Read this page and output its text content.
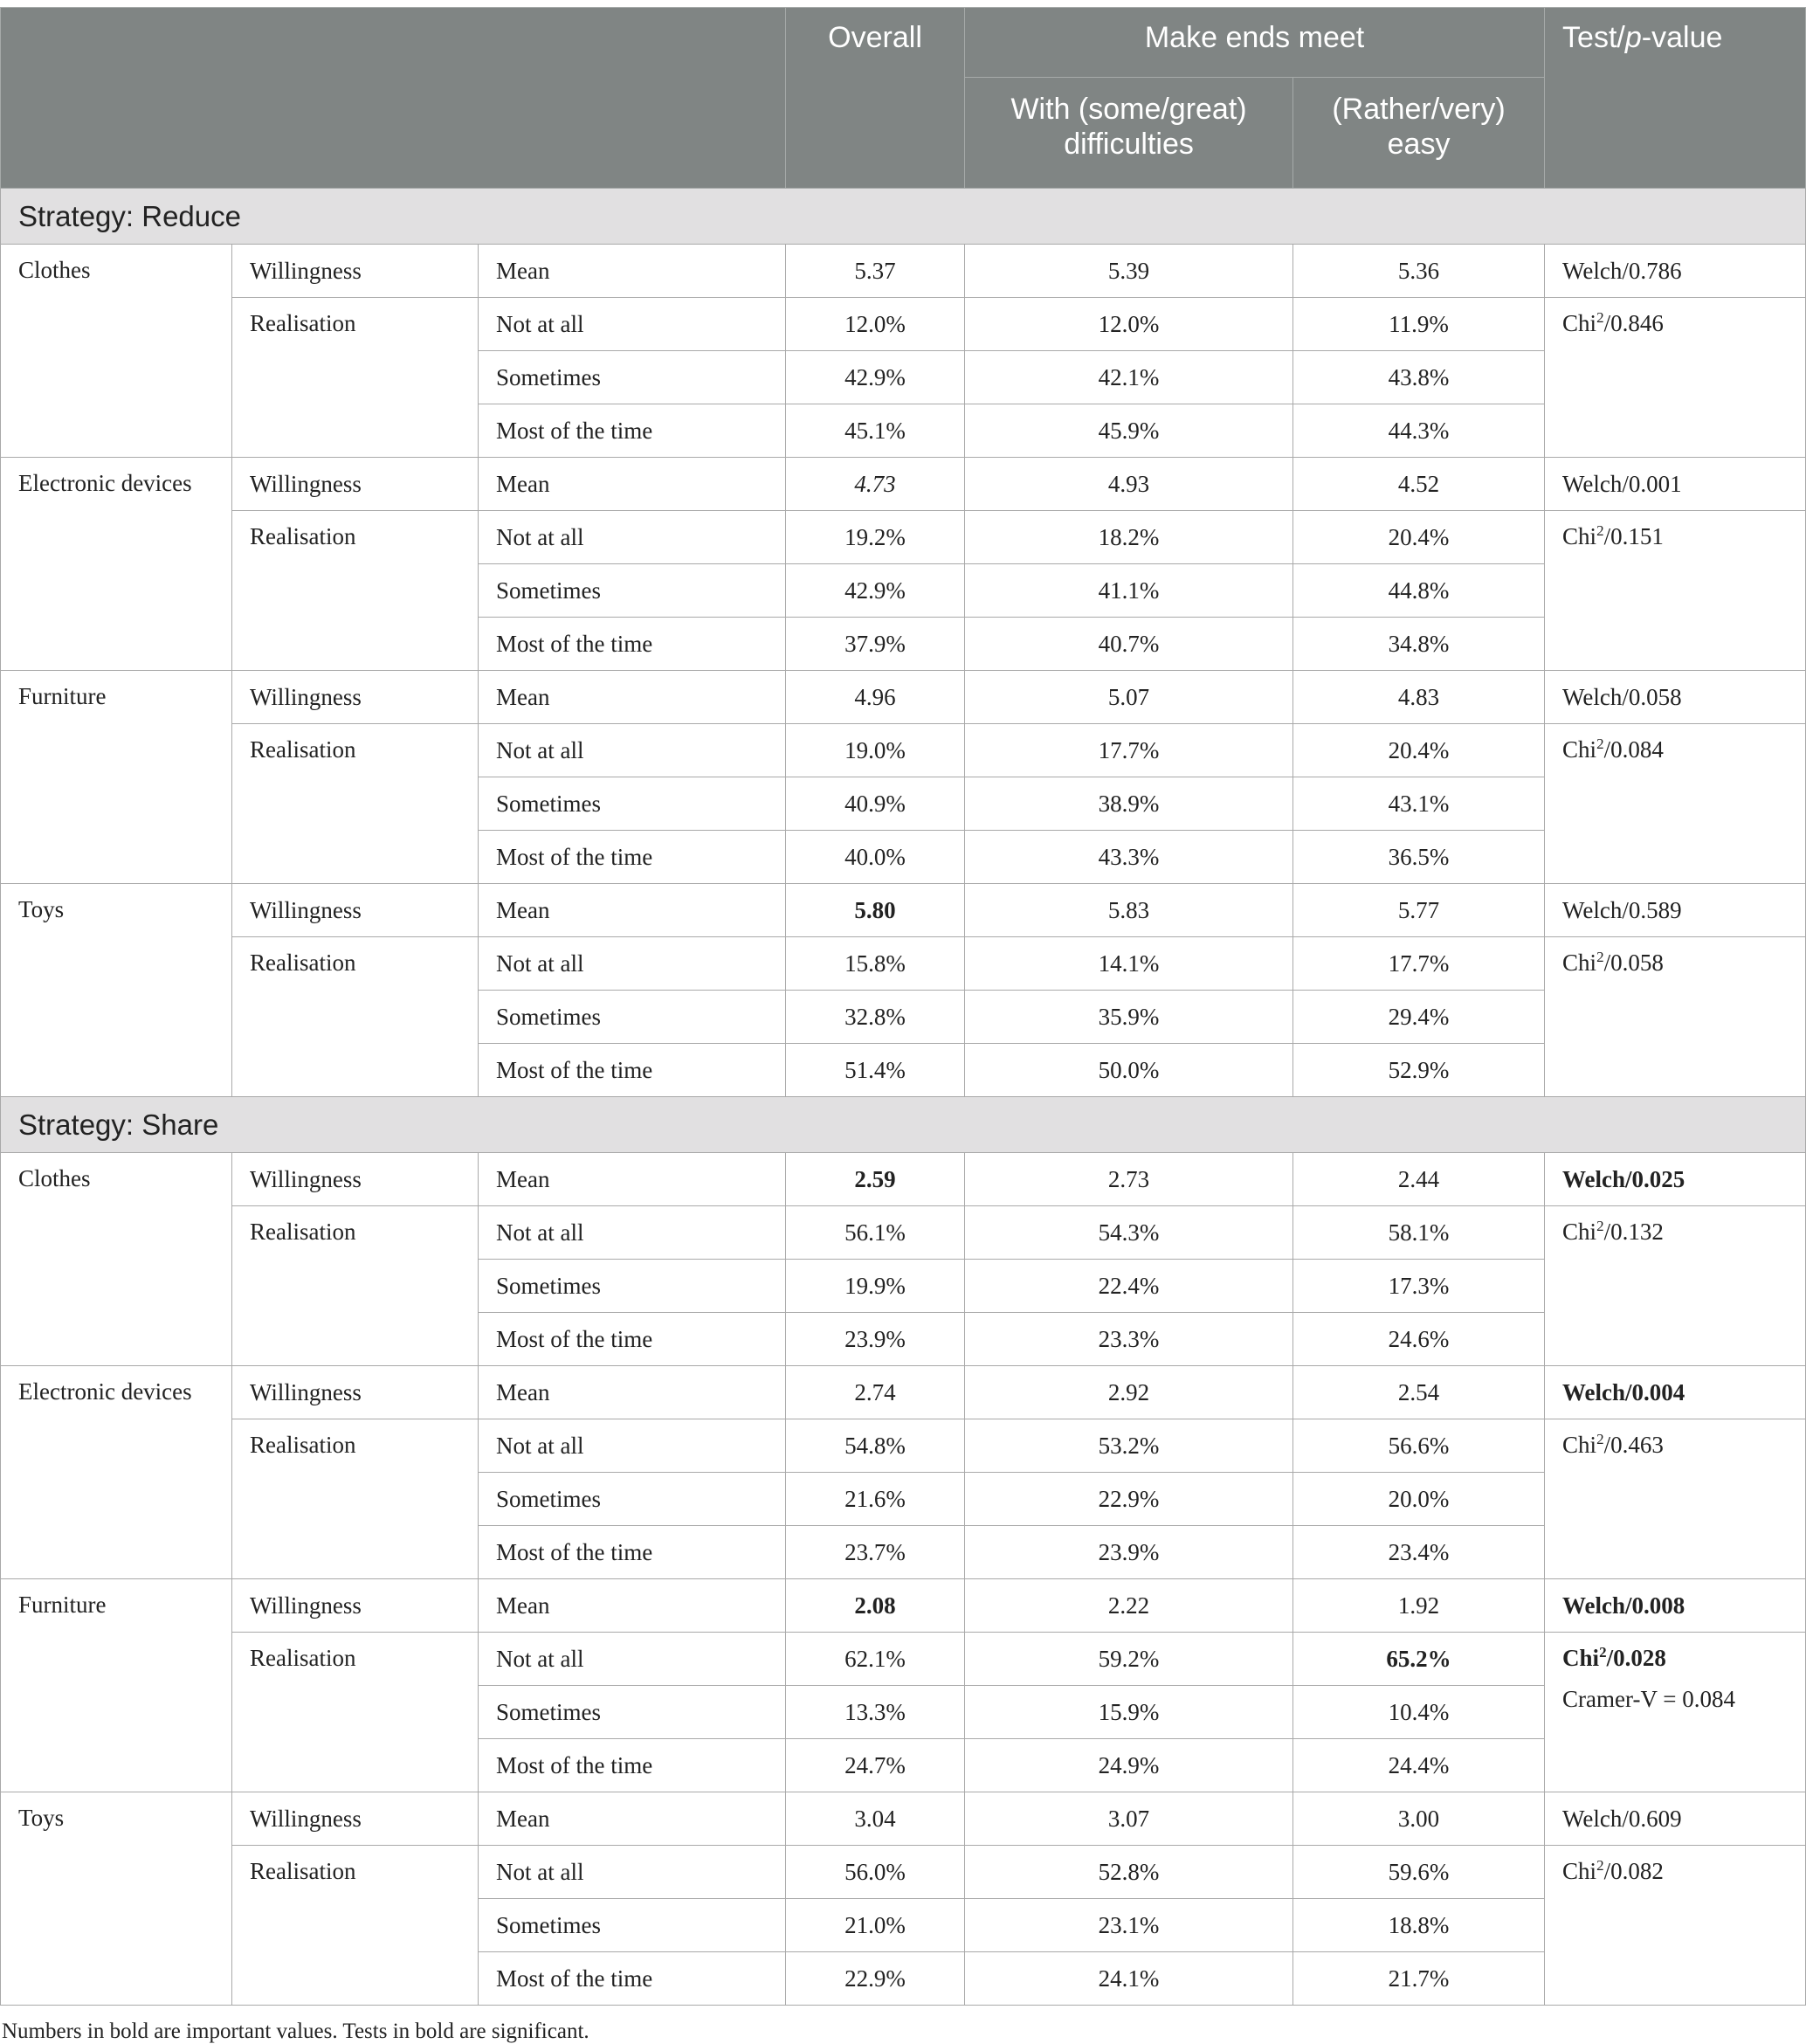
			Overall	Make ends meet		Test/p-value
				With (some/great) difficulties	(Rather/very) easy	
Strategy: Reduce						
Clothes	Willingness	Mean	5.37	5.39	5.36	Welch/0.786
	Realisation	Not at all	12.0%	12.0%	11.9%	Chi$^2$/0.846
		Sometimes	42.9%	42.1%	43.8%	
		Most of the time	45.1%	45.9%	44.3%	
Electronic devices	Willingness	Mean	4.73	4.93	4.52	Welch/0.001
	Realisation	Not at all	19.2%	18.2%	20.4%	Chi$^2$/0.151
		Sometimes	42.9%	41.1%	44.8%	
		Most of the time	37.9%	40.7%	34.8%	
Furniture	Willingness	Mean	4.96	5.07	4.83	Welch/0.058
	Realisation	Not at all	19.0%	17.7%	20.4%	Chi$^2$/0.084
		Sometimes	40.9%	38.9%	43.1%	
		Most of the time	40.0%	43.3%	36.5%	
Toys	Willingness	Mean	5.80	5.83	5.77	Welch/0.589
	Realisation	Not at all	15.8%	14.1%	17.7%	Chi$^2$/0.058
		Sometimes	32.8%	35.9%	29.4%	
		Most of the time	51.4%	50.0%	52.9%	
Strategy: Share						
Clothes	Willingness	Mean	2.59	2.73	2.44	Welch/0.025
	Realisation	Not at all	56.1%	54.3%	58.1%	Chi$^2$/0.132
		Sometimes	19.9%	22.4%	17.3%	
		Most of the time	23.9%	23.3%	24.6%	
Electronic devices	Willingness	Mean	2.74	2.92	2.54	Welch/0.004
	Realisation	Not at all	54.8%	53.2%	56.6%	Chi$^2$/0.463
		Sometimes	21.6%	22.9%	20.0%	
		Most of the time	23.7%	23.9%	23.4%	
Furniture	Willingness	Mean	2.08	2.22	1.92	Welch/0.008
	Realisation	Not at all	62.1%	59.2%	65.2%	Chi$^2$/0.028
Cramer-V = 0.084

		Sometimes	13.3%	15.9%	10.4%	
		Most of the time	24.7%	24.9%	24.4%	
Toys	Willingness	Mean	3.04	3.07	3.00	Welch/0.609
	Realisation	Not at all	56.0%	52.8%	59.6%	Chi$^2$/0.082
		Sometimes	21.0%	23.1%	18.8%	
		Most of the time	22.9%	24.1%	21.7%	
Numbers in bold are important values. Tests in bold are significant.
